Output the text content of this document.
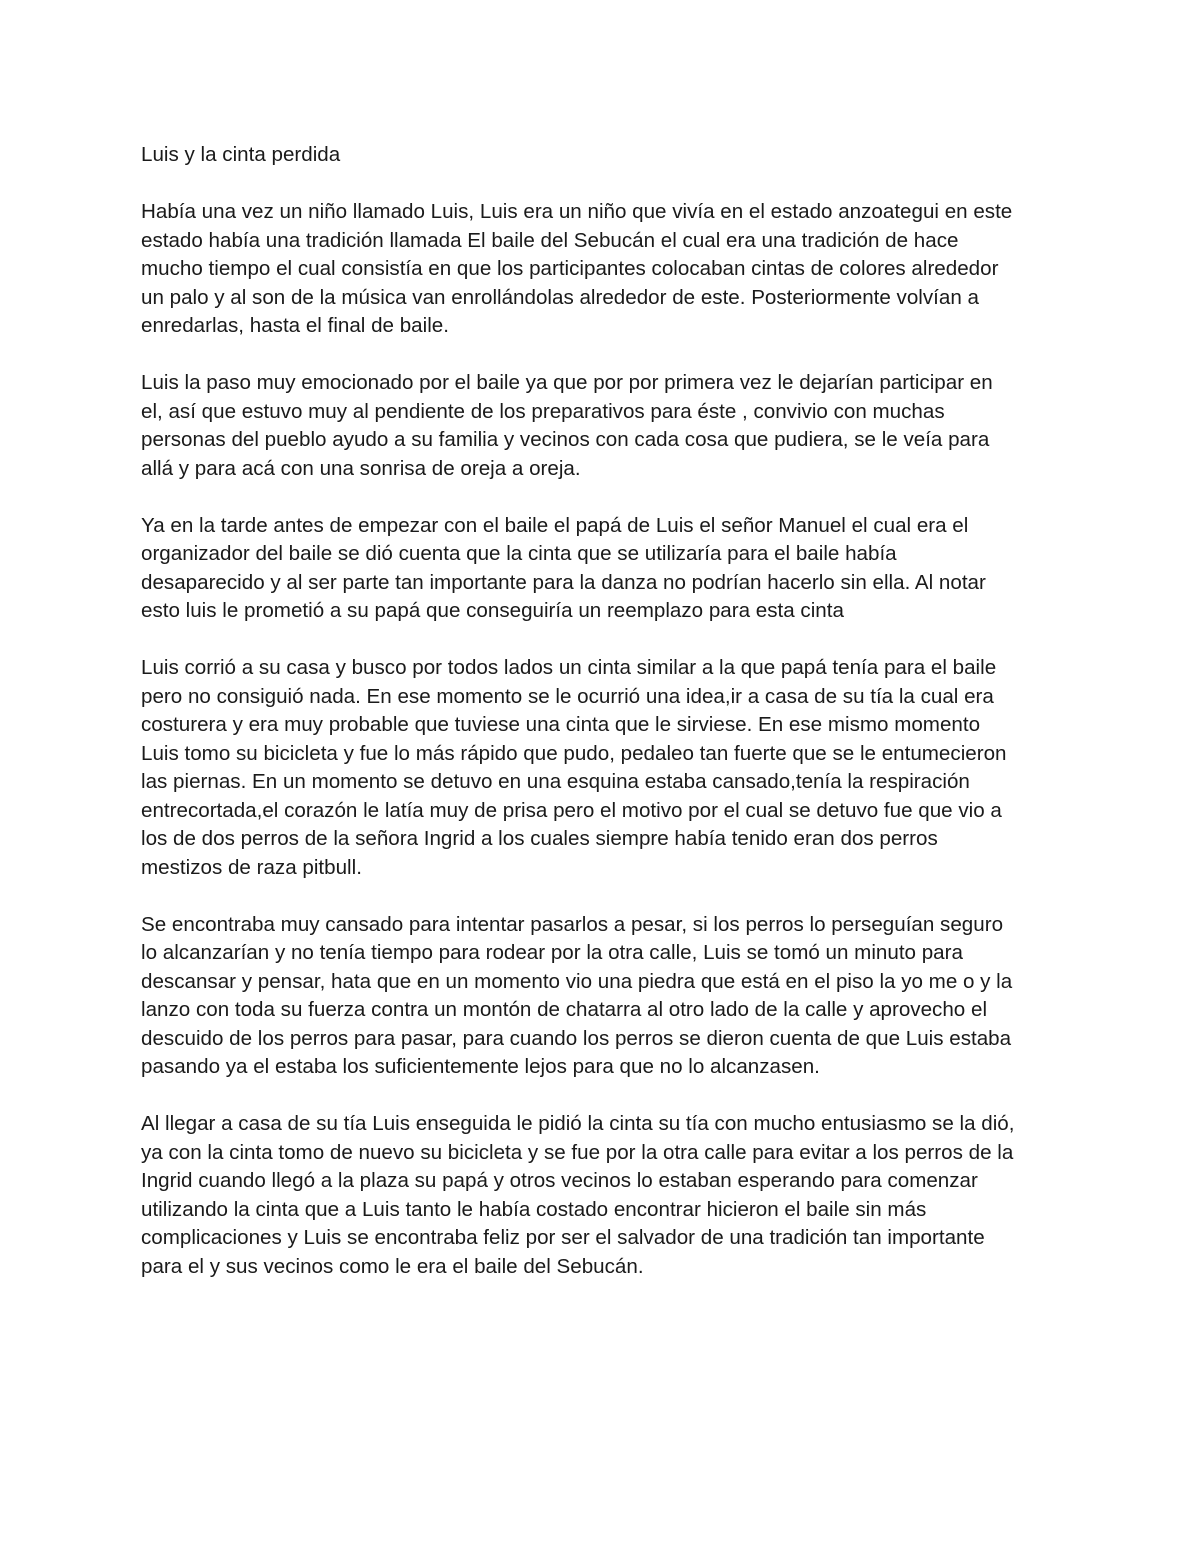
Luis y la cinta perdida
Había una vez un niño llamado Luis, Luis era un niño que vivía en el estado anzoategui en este
estado había una tradición llamada El baile del Sebucán el cual era una tradición de hace
mucho tiempo el cual consistía en que los participantes colocaban cintas de colores alrededor
un palo y al son de la música van enrollándolas alrededor de este. Posteriormente volvían a
enredarlas, hasta el final de baile.
Luis la paso muy emocionado por el baile ya que por por primera vez le dejarían participar en
el, así que estuvo muy al pendiente de los preparativos para éste , convivio con muchas
personas del pueblo ayudo a su familia y vecinos con cada cosa que pudiera, se le veía para
allá y para acá con una sonrisa de oreja a oreja.
Ya en la tarde antes de empezar con el baile el papá de Luis el señor Manuel el cual era el
organizador del baile se dió cuenta que la cinta que se utilizaría para el baile había
desaparecido y al ser parte tan importante para la danza no podrían hacerlo sin ella. Al notar
esto luis le prometió a su papá que conseguiría un reemplazo para esta cinta
Luis corrió a su casa y busco por todos lados un cinta similar a la que papá tenía para el baile
pero no consiguió nada. En ese momento se le ocurrió una idea,ir a casa de su tía la cual era
costurera y era muy probable que tuviese una cinta que le sirviese. En ese mismo momento
Luis tomo su bicicleta y fue lo más rápido que pudo, pedaleo tan fuerte que se le entumecieron
las piernas. En un momento se detuvo en una esquina estaba cansado,tenía la respiración
entrecortada,el corazón le latía muy de prisa pero el motivo por el cual se detuvo fue que vio a
los de dos perros de la señora Ingrid a los cuales siempre había tenido eran dos perros
mestizos de raza pitbull.
Se encontraba muy cansado para intentar pasarlos a pesar, si los perros lo perseguían seguro
lo alcanzarían y no tenía tiempo para rodear por la otra calle, Luis se tomó un minuto para
descansar y pensar, hata que en un momento vio una piedra que está en el piso la yo me o y la
lanzo con toda su fuerza contra un montón de chatarra al otro lado de la calle y aprovecho el
descuido de los perros para pasar, para cuando los perros se dieron cuenta de que Luis estaba
pasando ya el estaba los suficientemente lejos para que no lo alcanzasen.
Al llegar a casa de su tía Luis enseguida le pidió la cinta su tía con mucho entusiasmo se la dió,
ya con la cinta tomo de nuevo su bicicleta y se fue por la otra calle para evitar a los perros de la
Ingrid cuando llegó a la plaza su papá y otros vecinos lo estaban esperando para comenzar
utilizando la cinta que a Luis tanto le había costado encontrar hicieron el baile sin más
complicaciones y Luis se encontraba feliz por ser el salvador de una tradición tan importante
para el y sus vecinos como le era el baile del Sebucán.
